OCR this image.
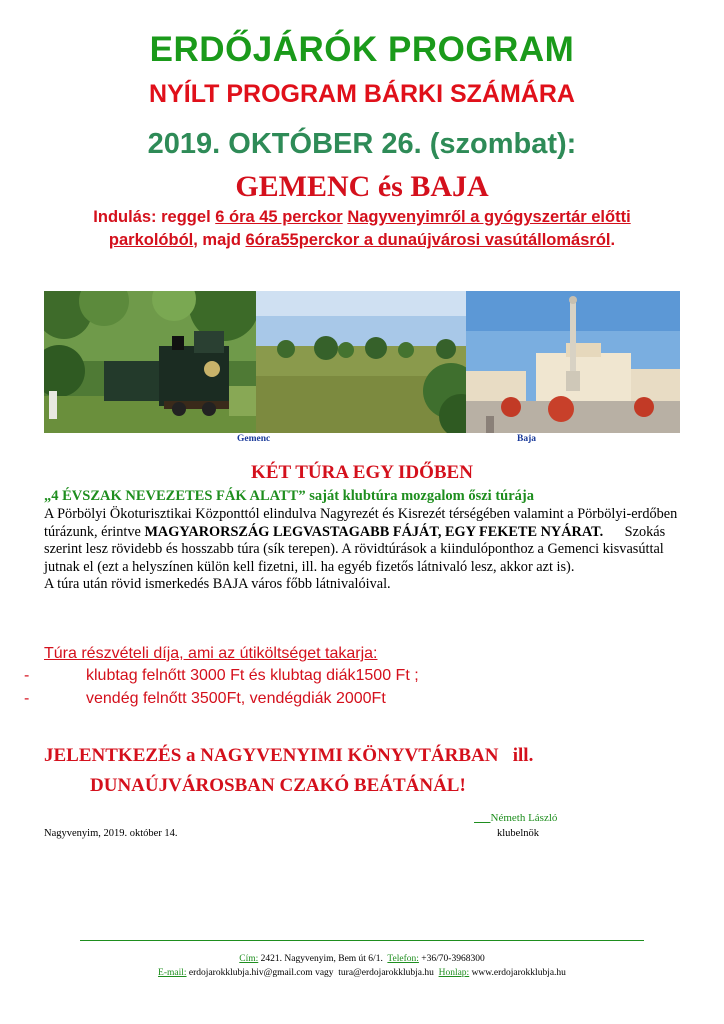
ERDŐJÁRÓK PROGRAM
NYÍLT PROGRAM BÁRKI SZÁMÁRA
2019. OKTÓBER 26. (szombat):
GEMENC és BAJA
Indulás: reggel 6 óra 45 perckor Nagyvenyimről a gyógyszertár előtti
parkolóból, majd 6óra55perckor a dunaújvárosi vasútállomásról.
Gemenc	Baja
KÉT TÚRA EGY IDŐBEN
„4 ÉVSZAK NEVEZETES FÁK ALATT” saját klubtúra mozgalom őszi túrája
A Pörbölyi Ökoturisztikai Központtól elindulva Nagyrezét és Kisrezét térségében valamint a Pörbölyi-erdőben túrázunk, érintve MAGYARORSZÁG LEGVASTAGABB FÁJÁT, EGY FEKETE NYÁRAT.      Szokás szerint lesz rövidebb és hosszabb túra (sík terepen). A rövidtúrások a kiindulóponthoz a Gemenci kisvasúttal jutnak el (ezt a helyszínen külön kell fizetni, ill. ha egyéb fizetős látnivaló lesz, akkor azt is).
A túra után rövid ismerkedés BAJA város főbb látnivalóival.
Túra részvételi díja, ami az útiköltséget takarja:
-	klubtag felnőtt 3000 Ft és klubtag diák1500 Ft ;
-	vendég felnőtt 3500Ft, vendégdiák 2000Ft
JELENTKEZÉS a NAGYVENYIMI KÖNYVTÁRBAN   ill.
DUNAÚJVÁROSBAN CZAKÓ BEÁTÁNÁL!
Németh László
Nagyvenyim, 2019. október 14.	klubelnök
Cím: 2421. Nagyvenyim, Bem út 6/1.  Telefon: +36/70-3968300
E-mail: erdojarokklubja.hiv@gmail.com vagy  tura@erdojarokklubja.hu  Honlap: www.erdojarokklubja.hu
